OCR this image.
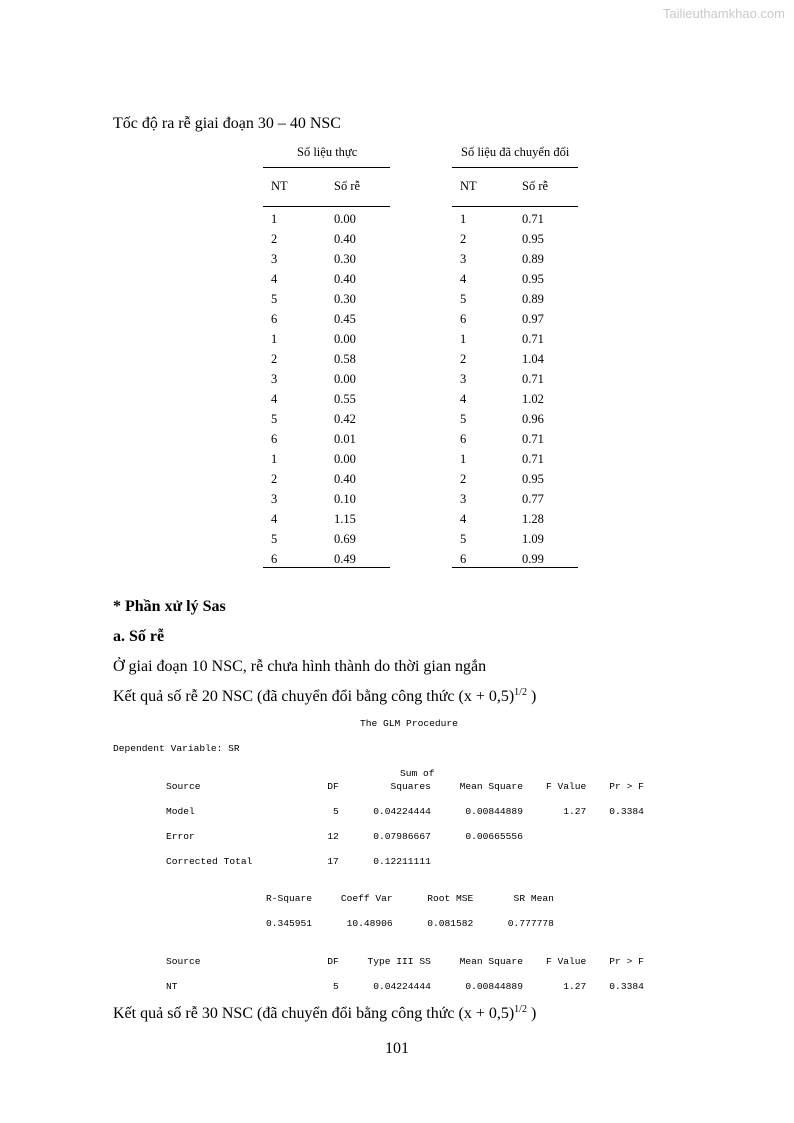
Tailieuthamkhao.com
Tốc độ ra rễ giai đoạn 30 – 40 NSC
Số liệu thực
NT	Số rễ
1	0.00
2	0.40
3	0.30
4	0.40
5	0.30
6	0.45
1	0.00
2	0.58
3	0.00
4	0.55
5	0.42
6	0.01
1	0.00
2	0.40
3	0.10
4	1.15
5	0.69
6	0.49
Số liệu đã chuyển đổi
NT	Số rễ
1	0.71
2	0.95
3	0.89
4	0.95
5	0.89
6	0.97
1	0.71
2	1.04
3	0.71
4	1.02
5	0.96
6	0.71
1	0.71
2	0.95
3	0.77
4	1.28
5	1.09
6	0.99
* Phần xử lý Sas
a. Số rễ
Ở giai đoạn 10 NSC, rễ chưa hình thành do thời gian ngắn
Kết quả số rễ 20 NSC (đã chuyển đổi bằng công thức $(x + 0,5)^{1/2}$ )
The GLM Procedure
Dependent Variable: SR
Sum of
Source                      DF         Squares     Mean Square    F Value    Pr > F
Model                        5      0.04224444      0.00844889       1.27    0.3384
Error                       12      0.07986667      0.00665556
Corrected Total             17      0.12211111
R-Square     Coeff Var      Root MSE       SR Mean
0.345951      10.48906      0.081582      0.777778
Source                      DF     Type III SS     Mean Square    F Value    Pr > F
NT                           5      0.04224444      0.00844889       1.27    0.3384
Kết quả số rễ 30 NSC (đã chuyển đổi bằng công thức $(x + 0,5)^{1/2}$ )
101
